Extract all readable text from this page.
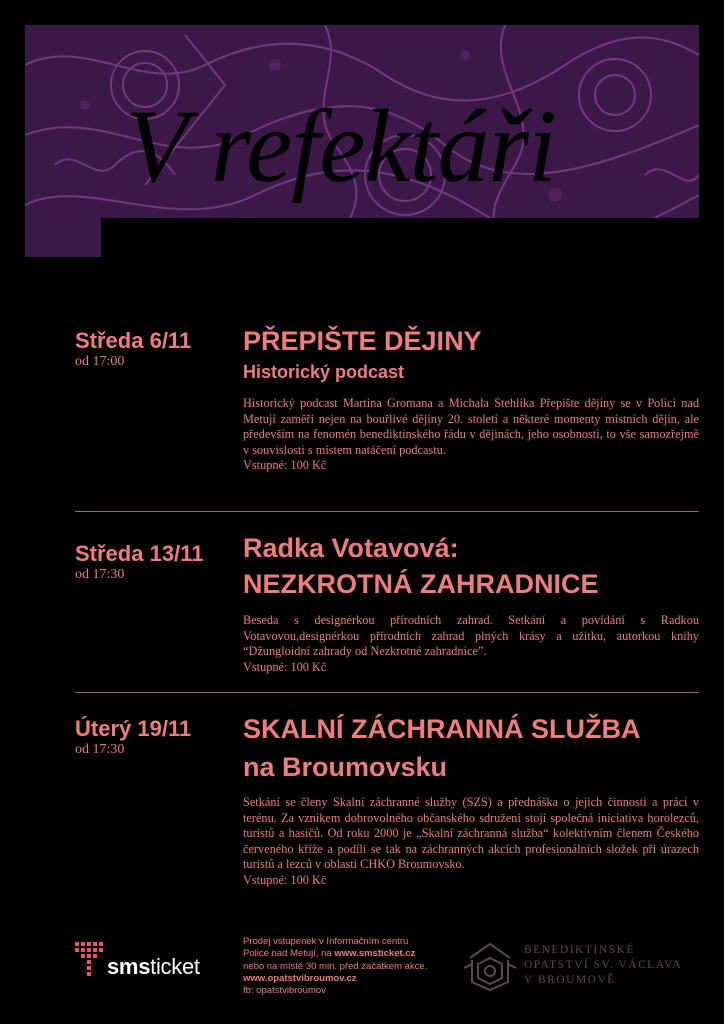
V refektáři
Středa 6/11
od 17:00
PŘEPIŠTE DĚJINY
Historický podcast

Historický podcast Martina Gromana a Michala Stehlíka Přepište dějiny se v Polici nad Metují zaměří nejen na bouřlivé dějiny 20. století a některé momenty místních dějin, ale především na fenomén benediktinského řádu v dějinách, jeho osobnosti, to vše samozřejmě v souvislosti s místem natáčení podcastu.

Vstupné: 100 Kč
Středa 13/11
od 17:30
Radka Votavová:
NEZKROTNÁ ZAHRADNICE

Beseda s designérkou přírodních zahrad. Setkání a povídání s Radkou Votavovou,designérkou přírodních zahrad plných krásy a užitku, autorkou knihy “Džungloidní zahrady od Nezkrotné zahradnice”.

Vstupné: 100 Kč
Úterý 19/11
od 17:30
SKALNÍ ZÁCHRANNÁ SLUŽBA
na Broumovsku

Setkání se členy Skalní záchranné služby (SZS) a přednáška o jejich činnosti a práci v terénu. Za vznikem dobrovolného občanského sdružení stojí společná iniciativa horolezců, turistů a hasičů. Od roku 2000 je „Skalní záchranná služba“ kolektivním členem Českého červeného kříže a podílí se tak na záchranných akcích profesionálních složek při úrazech turistů a lezců v oblasti CHKO Broumovsko.

Vstupné: 100 Kč
smsticket
Prodej vstupenek v Informačním centru
Police nad Metují, na www.smsticket.cz
nebo na místě 30 min. před začátkem akce.
www.opatstvibroumov.cz
fb: opatstvibroumov
BENEDIKTINSKÉ
OPATSTVÍ SV. VÁCLAVA
V BROUMOVĚ
